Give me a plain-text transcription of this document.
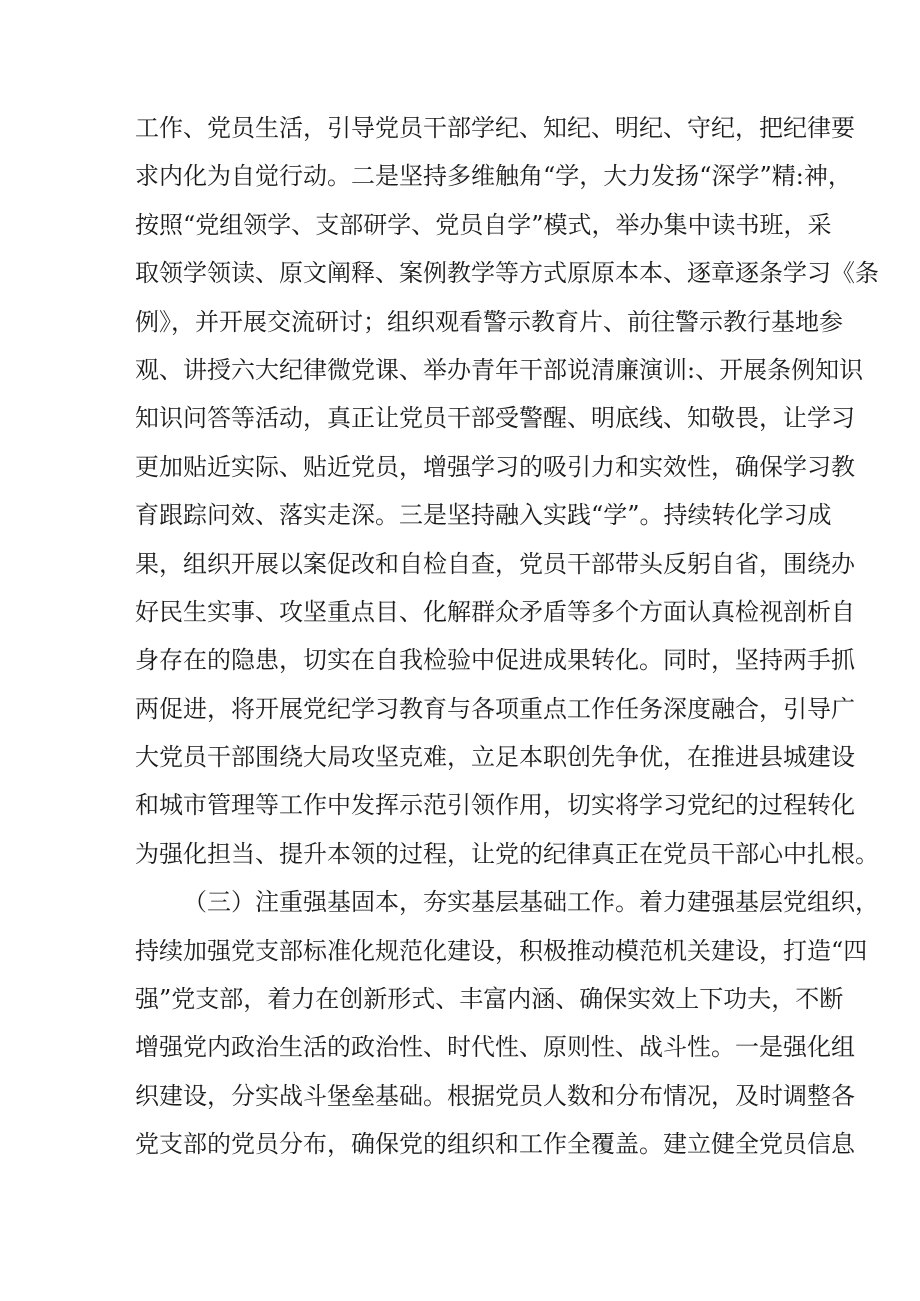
工作、党员生活，引导党员干部学纪、知纪、明纪、守纪，把纪律要
求内化为自觉行动。二是坚持多维触角“学，大力发扬“深学”精:神，
按照“党组领学、支部研学、党员自学”模式，举办集中读书班，采
取领学领读、原文阐释、案例教学等方式原原本本、逐章逐条学习《条
例》，并开展交流研讨；组织观看警示教育片、前往警示教行基地参
观、讲授六大纪律微党课、举办青年干部说清廉演训:、开展条例知识
知识问答等活动，真正让党员干部受警醒、明底线、知敬畏，让学习
更加贴近实际、贴近党员，增强学习的吸引力和实效性，确保学习教
育跟踪问效、落实走深。三是坚持融入实践“学”。持续转化学习成
果，组织开展以案促改和自检自查，党员干部带头反躬自省，围绕办
好民生实事、攻坚重点目、化解群众矛盾等多个方面认真检视剖析自
身存在的隐患，切实在自我检验中促进成果转化。同时，坚持两手抓
两促进，将开展党纪学习教育与各项重点工作任务深度融合，引导广
大党员干部围绕大局攻坚克难，立足本职创先争优，在推进县城建设
和城市管理等工作中发挥示范引领作用，切实将学习党纪的过程转化
为强化担当、提升本领的过程，让党的纪律真正在党员干部心中扎根。
（三）注重强基固本，夯实基层基础工作。着力建强基层党组织，
持续加强党支部标准化规范化建设，积极推动模范机关建设，打造“四
强”党支部，着力在创新形式、丰富内涵、确保实效上下功夫，不断
增强党内政治生活的政治性、时代性、原则性、战斗性。一是强化组
织建设，分实战斗堡垒基础。根据党员人数和分布情况，及时调整各
党支部的党员分布，确保党的组织和工作全覆盖。建立健全党员信息
